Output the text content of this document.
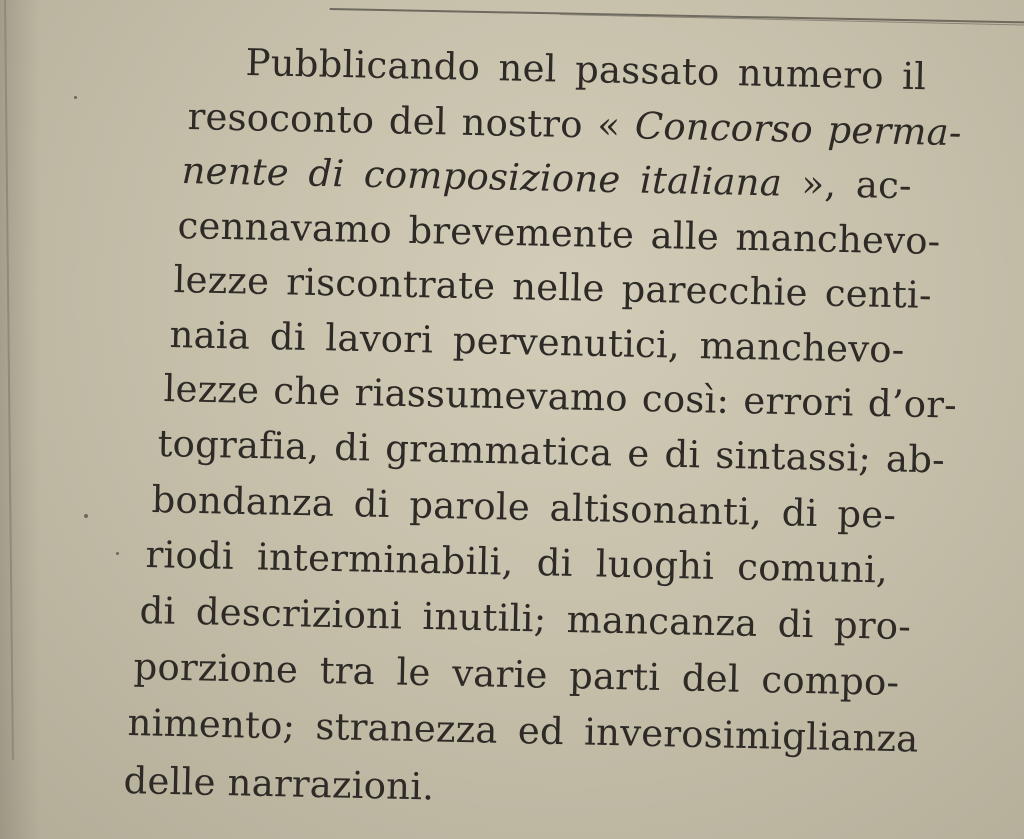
Pubblicando nel passato numero il
resoconto del nostro « Concorso perma-
nente di composizione italiana », ac-
cennavamo brevemente alle manchevo-
lezze riscontrate nelle parecchie centi-
naia di lavori pervenutici, manchevo-
lezze che riassumevamo così: errori d’or-
tografia, di grammatica e di sintassi; ab-
bondanza di parole altisonanti, di pe-
riodi interminabili, di luoghi comuni,
di descrizioni inutili; mancanza di pro-
porzione tra le varie parti del compo-
nimento; stranezza ed inverosimiglianza
delle narrazioni.
